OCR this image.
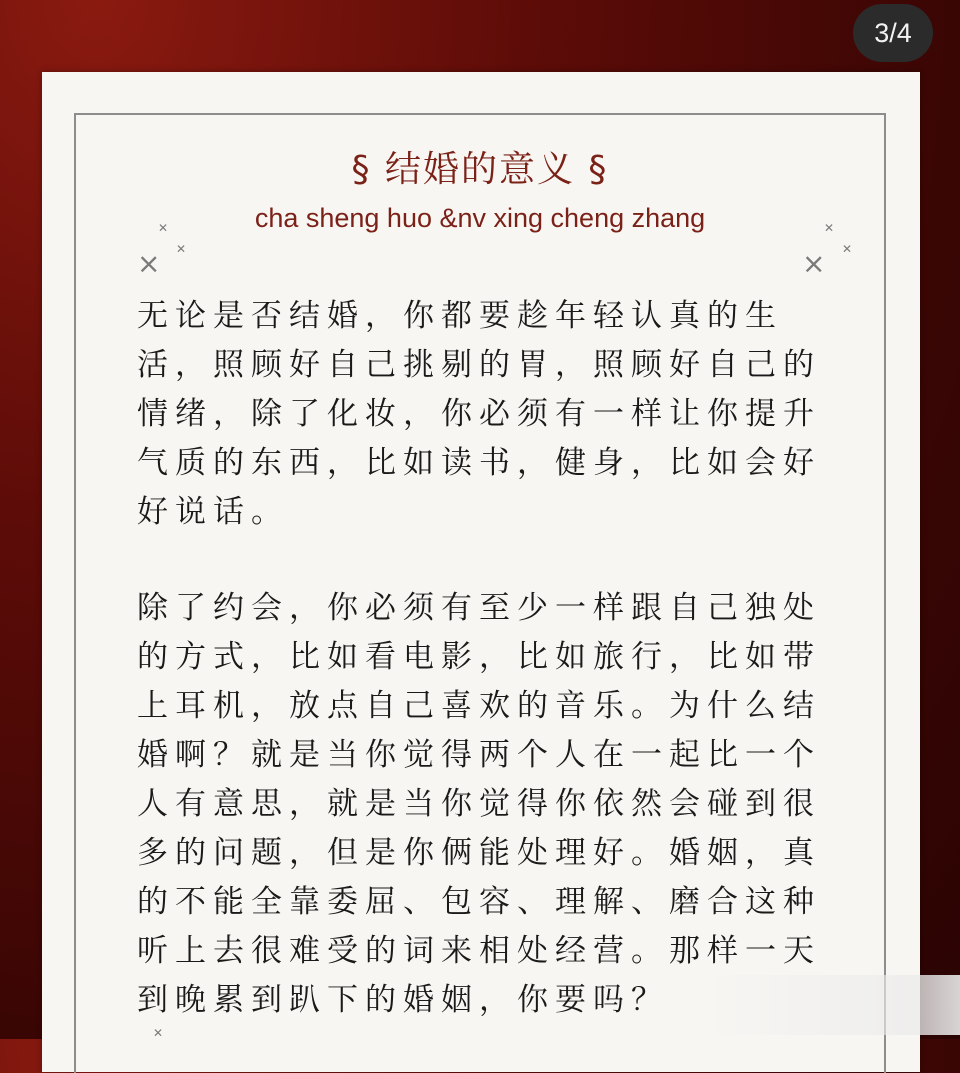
3/4
§ 结婚的意义 §
cha sheng huo &nv xing cheng zhang
✕
✕
⨯
✕
✕
⨯
✕
无论是否结婚，你都要趁年轻认真的生
活，照顾好自己挑剔的胃，照顾好自己的
情绪，除了化妆，你必须有一样让你提升
气质的东西，比如读书，健身，比如会好
好说话。
除了约会，你必须有至少一样跟自己独处
的方式，比如看电影，比如旅行，比如带
上耳机，放点自己喜欢的音乐。为什么结
婚啊？就是当你觉得两个人在一起比一个
人有意思，就是当你觉得你依然会碰到很
多的问题，但是你俩能处理好。婚姻，真
的不能全靠委屈、包容、理解、磨合这种
听上去很难受的词来相处经营。那样一天
到晚累到趴下的婚姻，你要吗？
